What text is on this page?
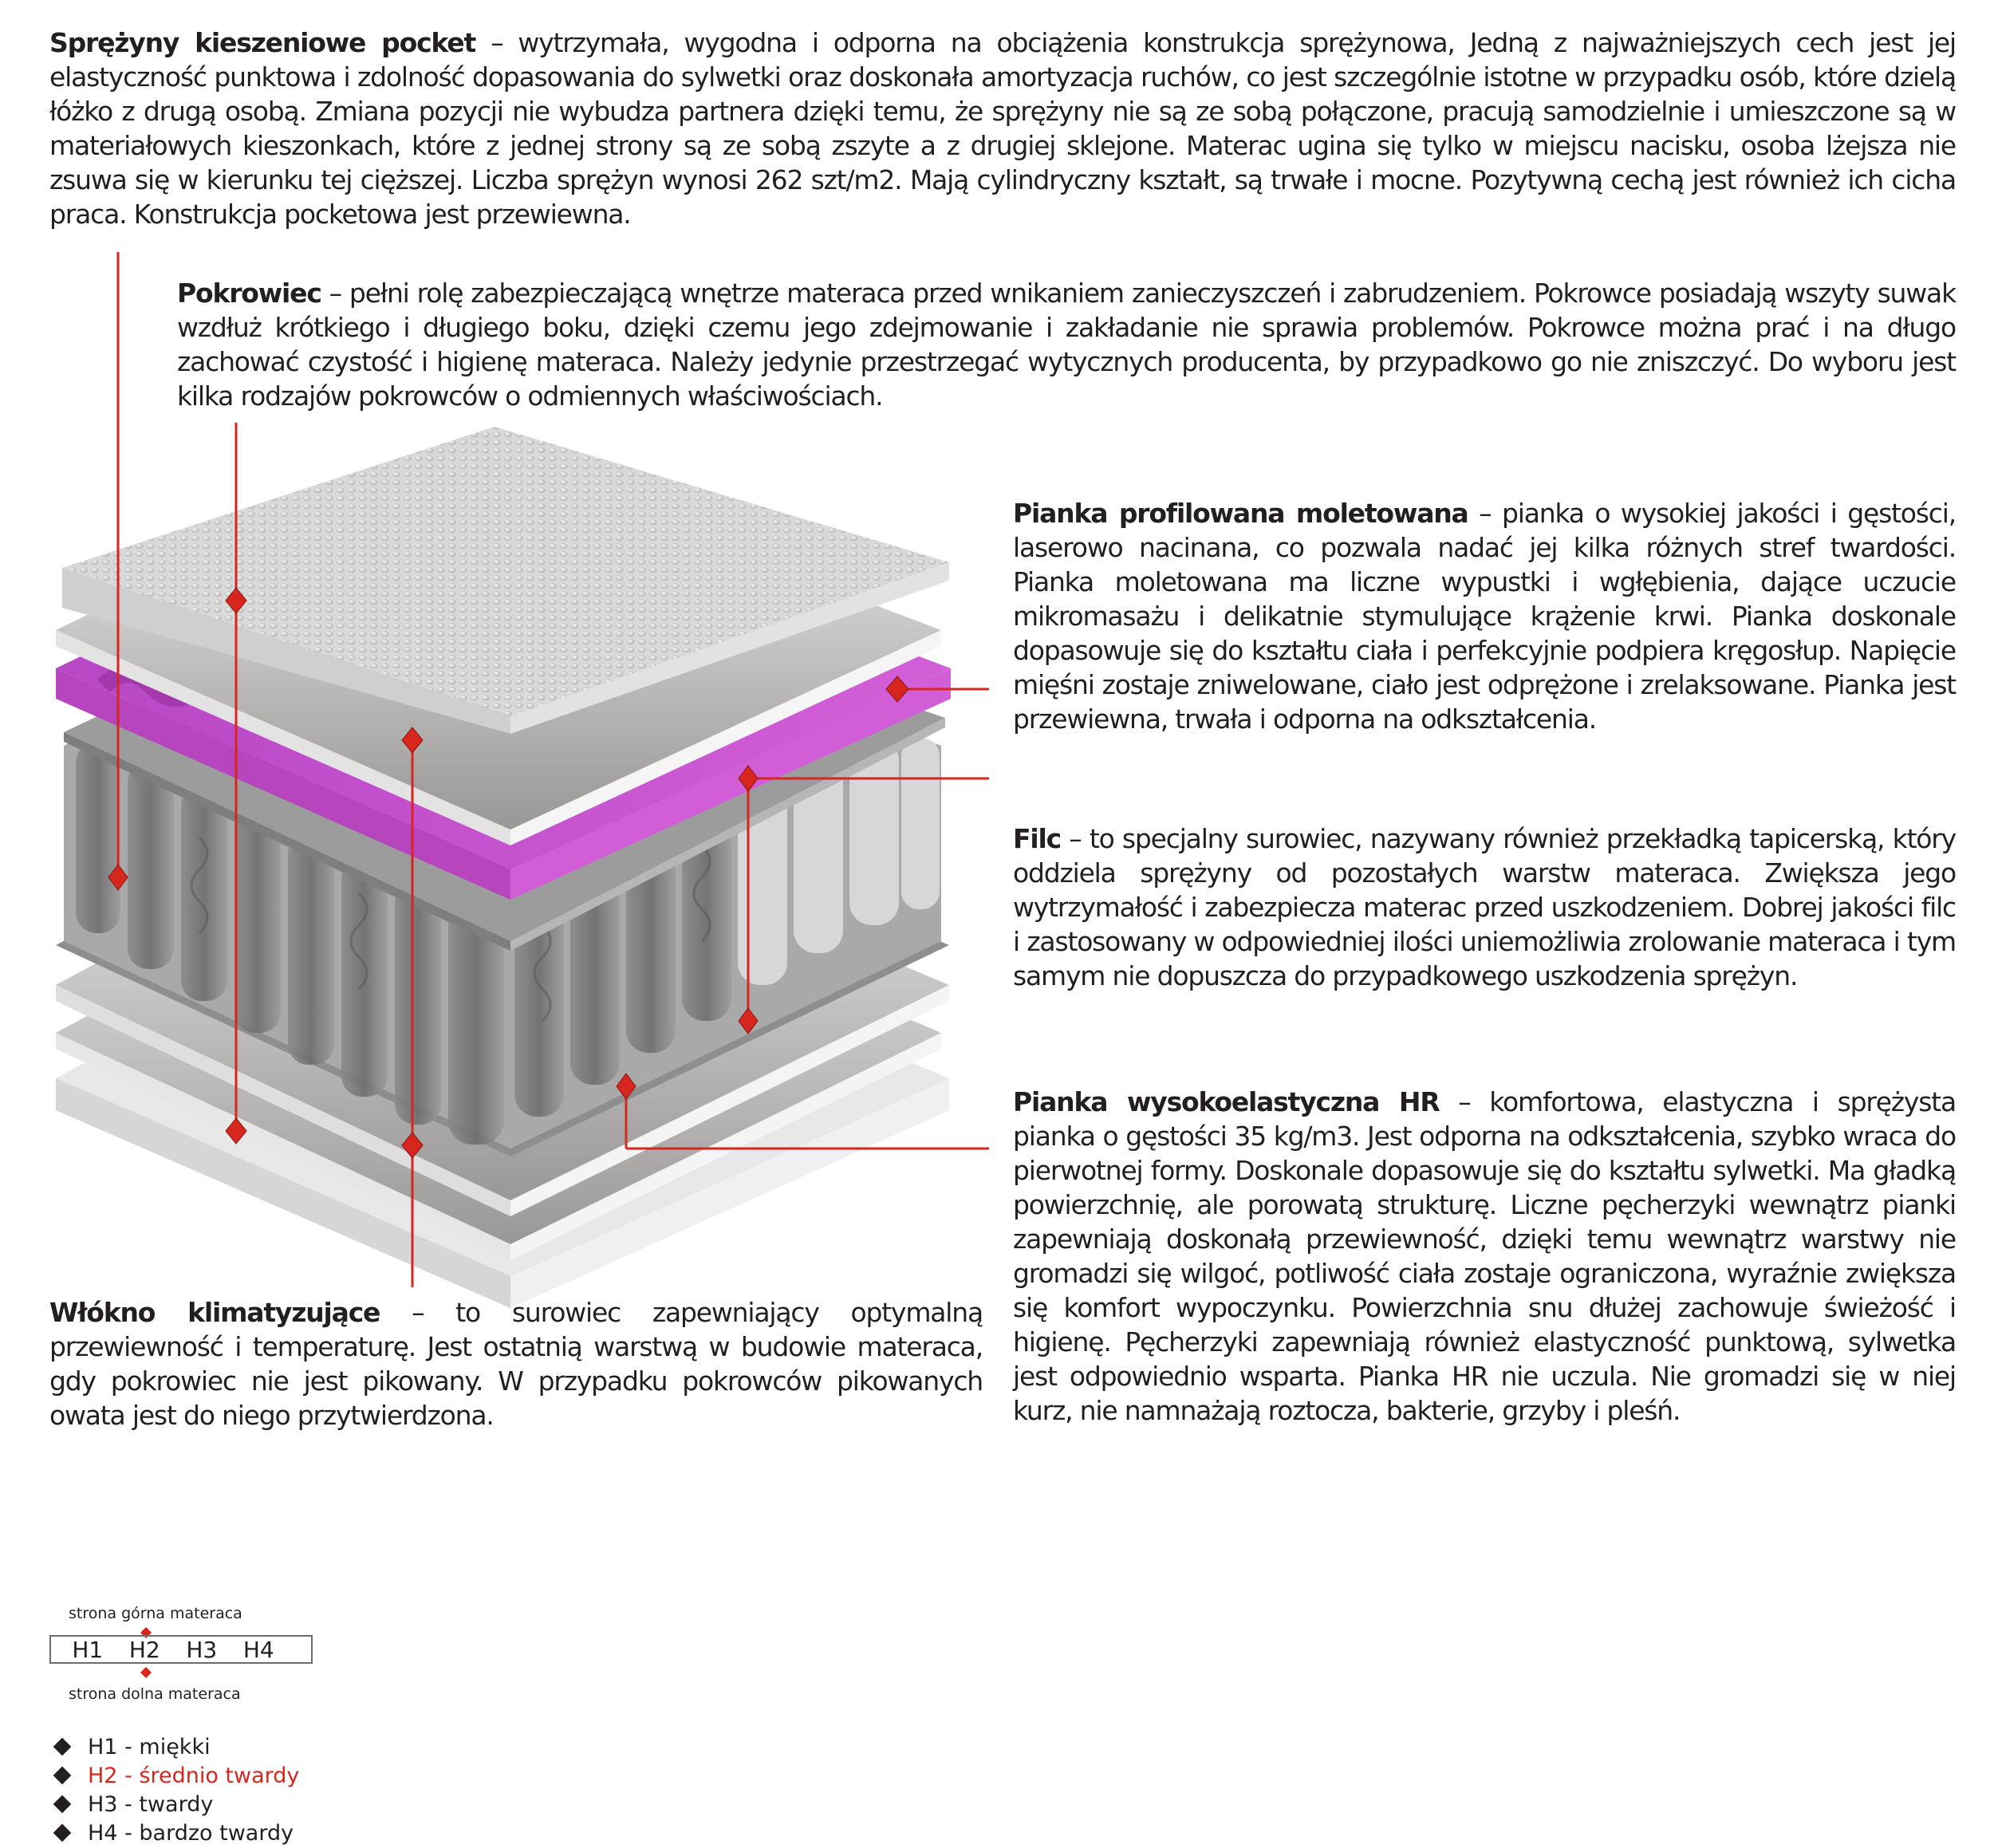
Sprężyny kieszeniowe pocket – wytrzymała, wygodna i odporna na obciążenia konstrukcja sprężynowa, Jedną z najważniejszych cech jest jej elastyczność punktowa i zdolność dopasowania do sylwetki oraz doskonała amortyzacja ruchów, co jest szczególnie istotne w przypadku osób, które dzielą łóżko z drugą osobą. Zmiana pozycji nie wybudza partnera dzięki temu, że sprężyny nie są ze sobą połączone, pracują samodzielnie i umieszczone są w materiałowych kieszonkach, które z jednej strony są ze sobą zszyte a z drugiej sklejone. Materac ugina się tylko w miejscu nacisku, osoba lżejsza nie zsuwa się w kierunku tej cięższej. Liczba sprężyn wynosi 262 szt/m2. Mają cylindryczny kształt, są trwałe i mocne. Pozytywną cechą jest również ich cicha praca. Konstrukcja pocketowa jest przewiewna.
Pokrowiec – pełni rolę zabezpieczającą wnętrze materaca przed wnikaniem zanieczyszczeń i zabrudzeniem. Pokrowce posiadają wszyty suwak wzdłuż krótkiego i długiego boku, dzięki czemu jego zdejmowanie i zakładanie nie sprawia problemów. Pokrowce można prać i na długo zachować czystość i higienę materaca. Należy jedynie przestrzegać wytycznych producenta, by przypadkowo go nie zniszczyć. Do wyboru jest kilka rodzajów pokrowców o odmiennych właściwościach.
Pianka profilowana moletowana – pianka o wysokiej jakości i gęstości, laserowo nacinana, co pozwala nadać jej kilka różnych stref twardości. Pianka moletowana ma liczne wypustki i wgłębienia, dające uczucie mikromasażu i delikatnie stymulujące krążenie krwi. Pianka doskonale dopasowuje się do kształtu ciała i perfekcyjnie podpiera kręgosłup. Napięcie mięśni zostaje zniwelowane, ciało jest odprężone i zrelaksowane. Pianka jest przewiewna, trwała i odporna na odkształcenia.
Filc – to specjalny surowiec, nazywany również przekładką tapicerską, który oddziela sprężyny od pozostałych warstw materaca. Zwiększa jego wytrzymałość i zabezpiecza materac przed uszkodzeniem. Dobrej jakości filc i zastosowany w odpowiedniej ilości uniemożliwia zrolowanie materaca i tym samym nie dopuszcza do przypadkowego uszkodzenia sprężyn.
Pianka wysokoelastyczna HR – komfortowa, elastyczna i sprężysta pianka o gęstości 35 kg/m3. Jest odporna na odkształcenia, szybko wraca do pierwotnej formy. Doskonale dopasowuje się do kształtu sylwetki. Ma gładką powierzchnię, ale porowatą strukturę. Liczne pęcherzyki wewnątrz pianki zapewniają doskonałą przewiewność, dzięki temu wewnątrz warstwy nie gromadzi się wilgoć, potliwość ciała zostaje ograniczona, wyraźnie zwiększa się komfort wypoczynku. Powierzchnia snu dłużej zachowuje świeżość i higienę. Pęcherzyki zapewniają również elastyczność punktową, sylwetka jest odpowiednio wsparta. Pianka HR nie uczula. Nie gromadzi się w niej kurz, nie namnażają roztocza, bakterie, grzyby i pleśń.
Włókno klimatyzujące – to surowiec zapewniający optymalną przewiewność i temperaturę. Jest ostatnią warstwą w budowie materaca, gdy pokrowiec nie jest pikowany. W przypadku pokrowców pikowanych owata jest do niego przytwierdzona.
strona górna materaca
H1 H2 H3 H4
strona dolna materaca
H1 - miękki
H2 - średnio twardy
H3 - twardy
H4 - bardzo twardy
